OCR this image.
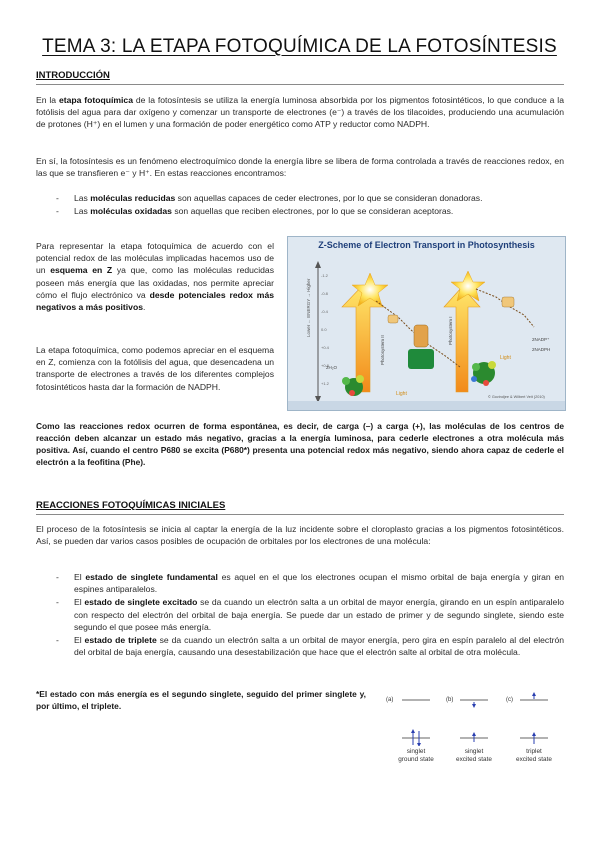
TEMA 3: LA ETAPA FOTOQUÍMICA DE LA FOTOSÍNTESIS
INTRODUCCIÓN
En la etapa fotoquímica de la fotosíntesis se utiliza la energía luminosa absorbida por los pigmentos fotosintéticos, lo que conduce a la fotólisis del agua para dar oxígeno y comenzar un transporte de electrones (e⁻) a través de los tilacoides, produciendo una acumulación de protones (H⁺) en el lumen y una formación de poder energético como ATP y reductor como NADPH.
En sí, la fotosíntesis es un fenómeno electroquímico donde la energía libre se libera de forma controlada a través de reacciones redox, en las que se transfieren e⁻ y H⁺. En estas reacciones encontramos:
- Las moléculas reducidas son aquellas capaces de ceder electrones, por lo que se consideran donadoras.
- Las moléculas oxidadas son aquellas que reciben electrones, por lo que se consideran aceptoras.
Para representar la etapa fotoquímica de acuerdo con el potencial redox de las moléculas implicadas hacemos uso de un esquema en Z ya que, como las moléculas reducidas poseen más energía que las oxidadas, nos permite apreciar cómo el flujo electrónico va desde potenciales redox más negativos a más positivos.
La etapa fotoquímica, como podemos apreciar en el esquema en Z, comienza con la fotólisis del agua, que desencadena un transporte de electrones a través de los diferentes complejos fotosintéticos hasta dar la formación de NADPH.
Z-Scheme of Electron Transport in Photosynthesis
Lower ← ENERGY → Higher
-1.2
-0.8
-0.4
0.0
+0.4
+0.8
+1.2
Photosystem II
Photosystem I
Light
Light
2NADP⁺
2NADPH
2H₂O
© Govindjee & Wilbert Veit (2010)
Como las reacciones redox ocurren de forma espontánea, es decir, de carga (–) a carga (+), las moléculas de los centros de reacción deben alcanzar un estado más negativo, gracias a la energía luminosa, para cederle electrones a otra molécula más positiva. Así, cuando el centro P680 se excita (P680*) presenta una potencial redox más negativo, siendo ahora capaz de cederle el electrón a la feofitina (Phe).
REACCIONES FOTOQUÍMICAS INICIALES
El proceso de la fotosíntesis se inicia al captar la energía de la luz incidente sobre el cloroplasto gracias a los pigmentos fotosintéticos. Así, se pueden dar varios casos posibles de ocupación de orbitales por los electrones de una molécula:
- El estado de singlete fundamental es aquel en el que los electrones ocupan el mismo orbital de baja energía y giran en espines antiparalelos.
- El estado de singlete excitado se da cuando un electrón salta a un orbital de mayor energía, girando en un espín antiparalelo con respecto del electrón del orbital de baja energía. Se puede dar un estado de primer y de segundo singlete, siendo este segundo el que posee más energía.
- El estado de triplete se da cuando un electrón salta a un orbital de mayor energía, pero gira en espín paralelo al del electrón del orbital de baja energía, causando una desestabilización que hace que el electrón salte al orbital de otra molécula.
*El estado con más energía es el segundo singlete, seguido del primer singlete y, por último, el triplete.
(a)	(b)	(c)
singlet
ground state
singlet
excited state
triplet
excited state
